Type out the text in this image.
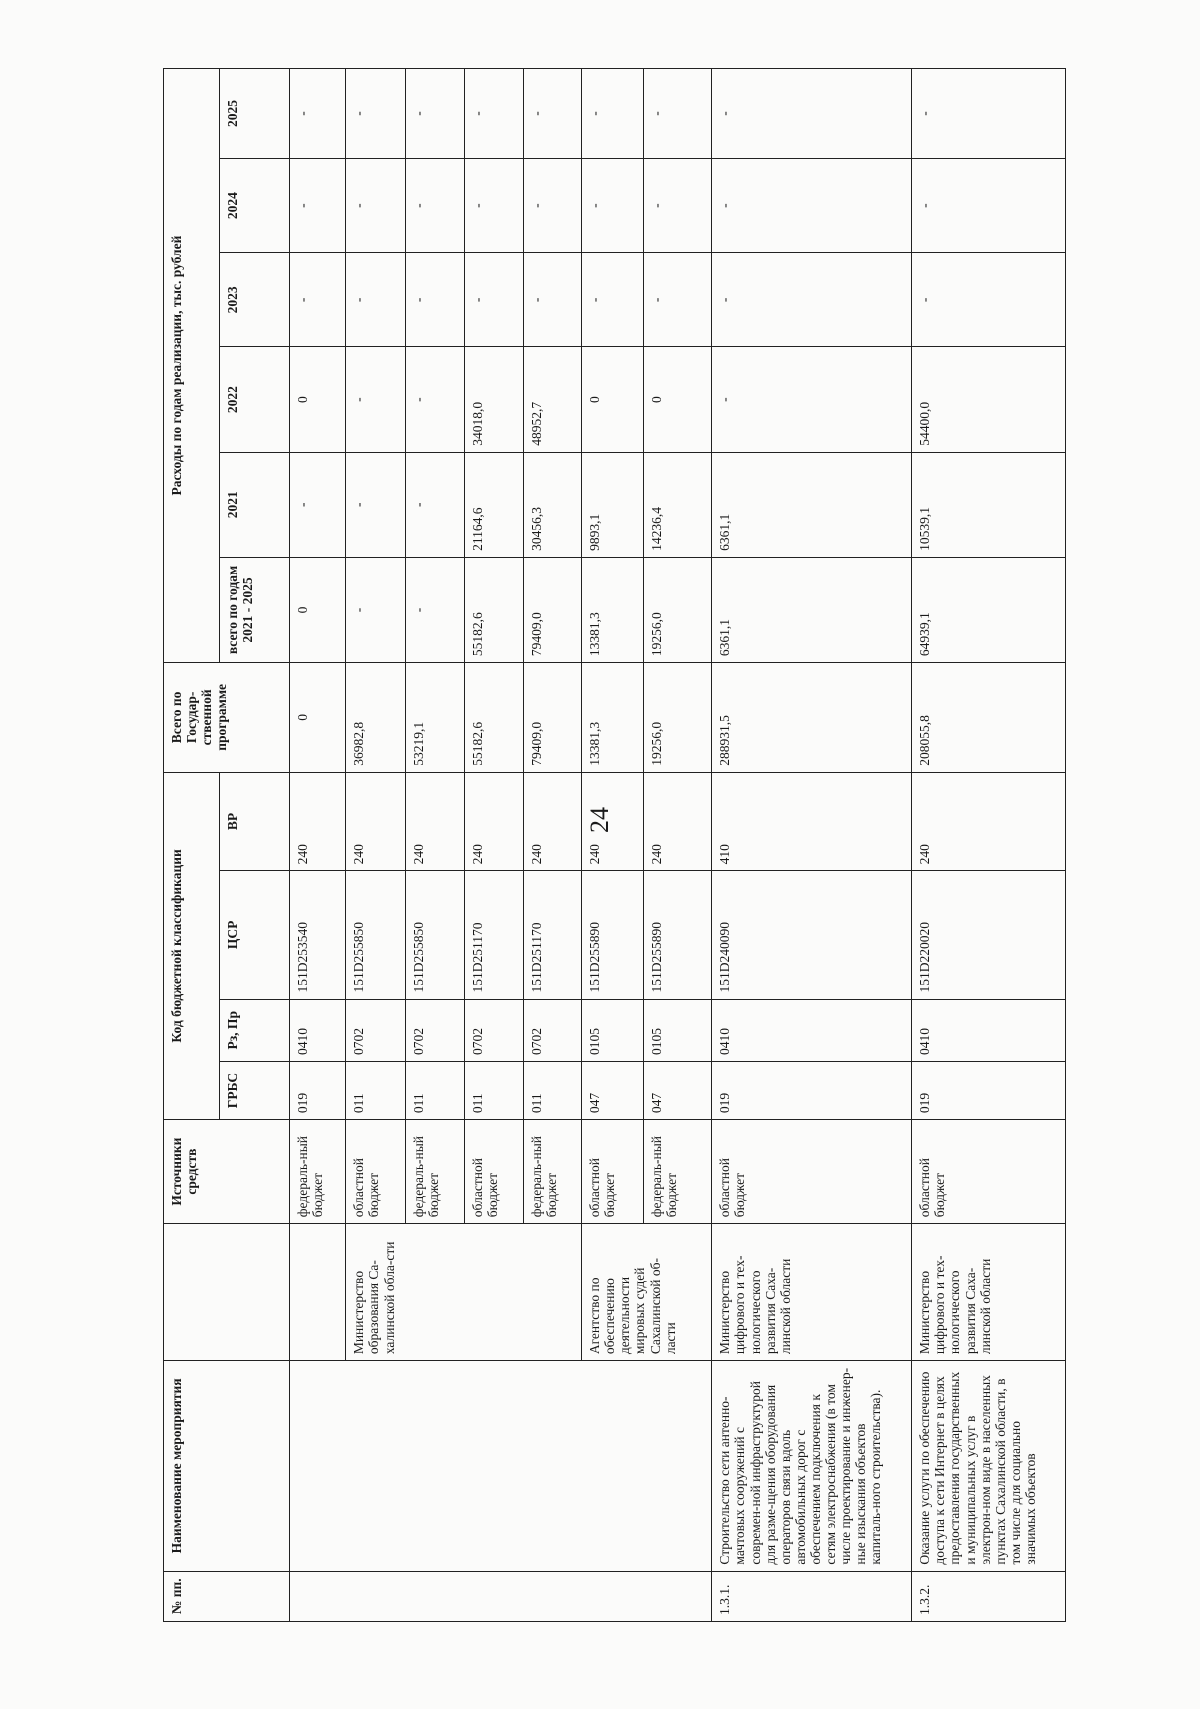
24
№ пп.	Наименование мероприятия		Источники средств	Код бюджетной классификации				Всего по Государ-ственной программе	Расходы по годам реализации, тыс. рублей					
				ГРБС	Рз, Пр	ЦСР	ВР		всего по годам 2021 - 2025	2021	2022	2023	2024	2025
			федераль-ный бюджет	019	0410	151D253540	240	0	0	-	0	-	-	-
		Министерство образования Са-халинской обла-сти	областной бюджет	011	0702	151D255850	240	36982,8	-	-	-	-	-	-
			федераль-ный бюджет	011	0702	151D255850	240	53219,1	-	-	-	-	-	-
			областной бюджет	011	0702	151D251170	240	55182,6	55182,6	21164,6	34018,0	-	-	-
			федераль-ный бюджет	011	0702	151D251170	240	79409,0	79409,0	30456,3	48952,7	-	-	-
		Агентство по обеспечению деятельности мировых судей Сахалинской об-ласти	областной бюджет	047	0105	151D255890	240	13381,3	13381,3	9893,1	0	-	-	-
			федераль-ный бюджет	047	0105	151D255890	240	19256,0	19256,0	14236,4	0	-	-	-
1.3.1.	Строительство сети антенно-мачтовых сооружений с современ-ной инфраструктурой для разме-щения оборудования операторов связи вдоль автомобильных дорог с обеспечением подключения к сетям электроснабжения (в том числе проектирование и инженер-ные изыскания объектов капиталь-ного строительства).	Министерство цифрового и тех-нологического развития Саха-линской области	областной бюджет	019	0410	151D240090	410	288931,5	6361,1	6361,1	-	-	-	-
1.3.2.	Оказание услуги по обеспечению доступа к сети Интернет в целях предоставления государственных и муниципальных услуг в электрон-ном виде в населенных пунктах Сахалинской области, в том числе для социально значимых объектов	Министерство цифрового и тех-нологического развития Саха-линской области	областной бюджет	019	0410	151D220020	240	208055,8	64939,1	10539,1	54400,0	-	-	-
